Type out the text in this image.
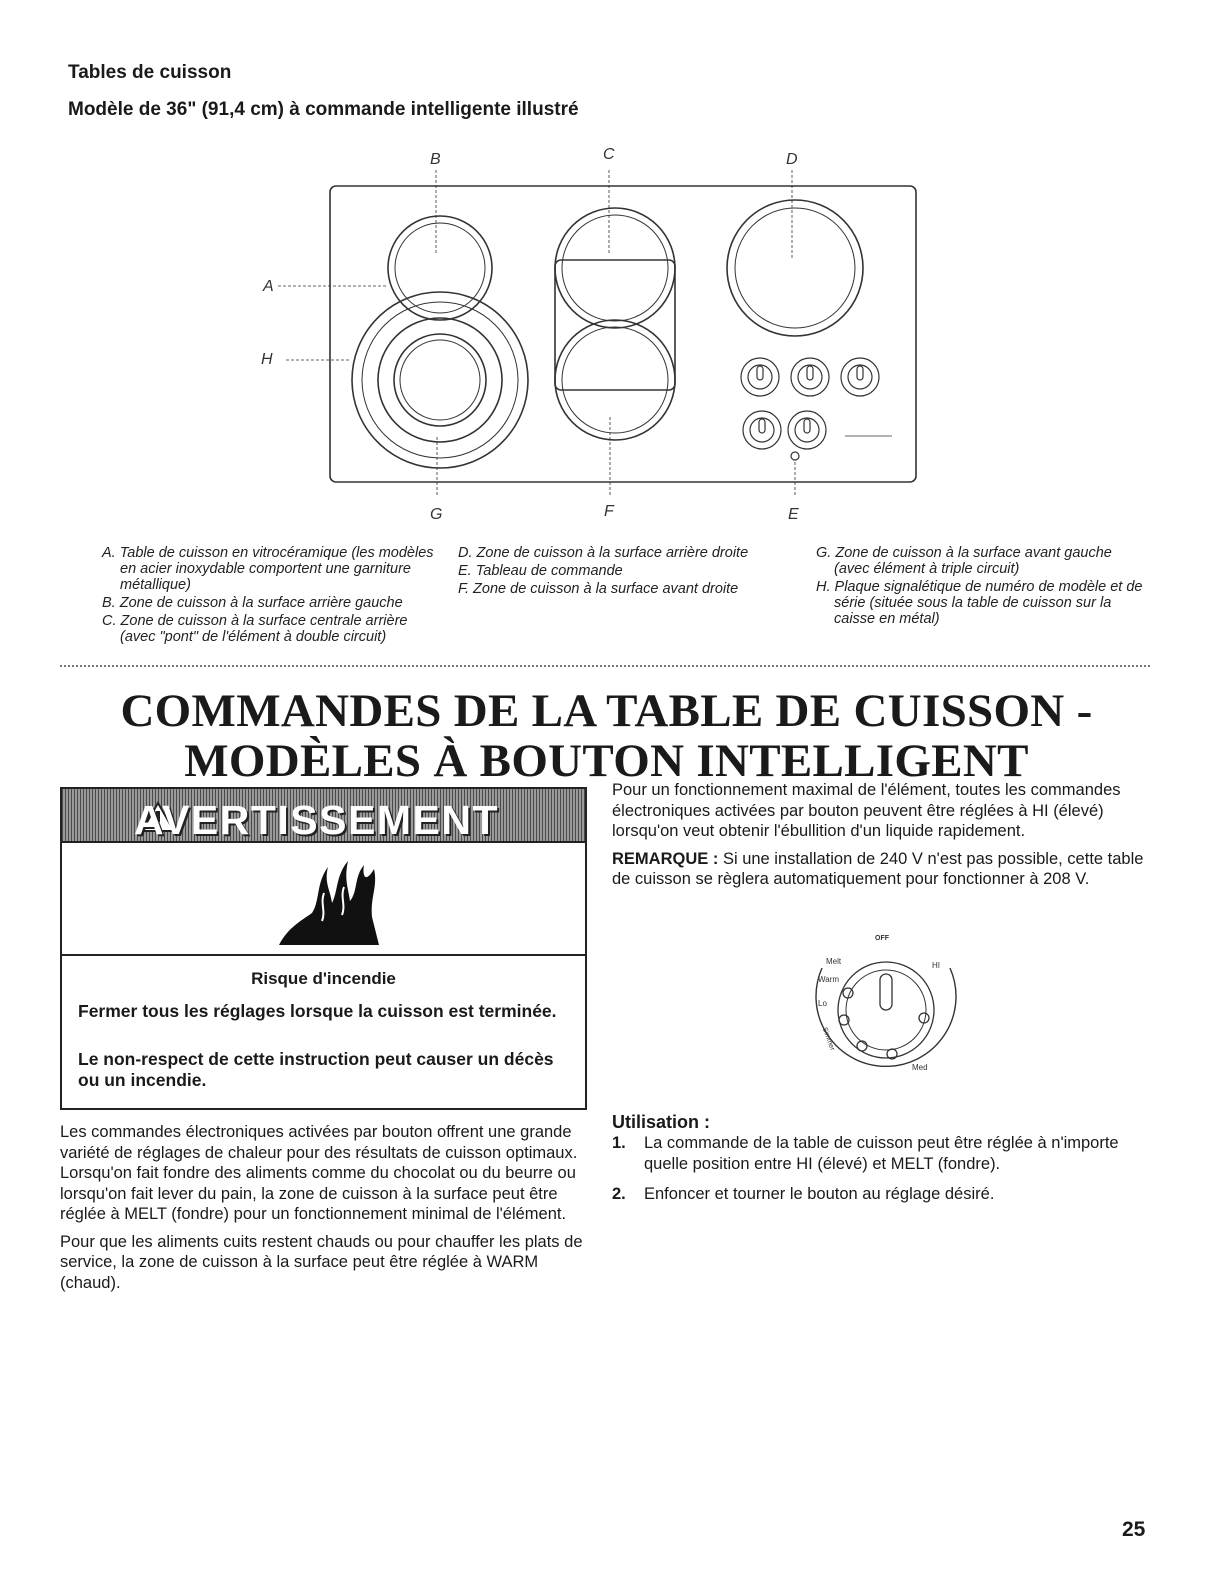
Tables de cuisson
Modèle de 36" (91,4 cm) à commande intelligente illustré
B	C	D
A
H
G	F	E
A. Table de cuisson en vitrocéramique (les modèles en acier inoxydable comportent une garniture métallique)
B. Zone de cuisson à la surface arrière gauche
C. Zone de cuisson à la surface centrale arrière (avec "pont" de l'élément à double circuit)
D. Zone de cuisson à la surface arrière droite
E. Tableau de commande
F. Zone de cuisson à la surface avant droite
G. Zone de cuisson à la surface avant gauche (avec élément à triple circuit)
H. Plaque signalétique de numéro de modèle et de série (située sous la table de cuisson sur la caisse en métal)
COMMANDES DE LA TABLE DE CUISSON - MODÈLES À BOUTON INTELLIGENT
AVERTISSEMENT
Risque d'incendie
Fermer tous les réglages lorsque la cuisson est terminée.
Le non-respect de cette instruction peut causer un décès ou un incendie.

Les commandes électroniques activées par bouton offrent une grande variété de réglages de chaleur pour des résultats de cuisson optimaux. Lorsqu'on fait fondre des aliments comme du chocolat ou du beurre ou lorsqu'on fait lever du pain, la zone de cuisson à la surface peut être réglée à MELT (fondre) pour un fonctionnement minimal de l'élément.

Pour que les aliments cuits restent chauds ou pour chauffer les plats de service, la zone de cuisson à la surface peut être réglée à WARM (chaud).

Pour un fonctionnement maximal de l'élément, toutes les commandes électroniques activées par bouton peuvent être réglées à HI (élevé) lorsqu'on veut obtenir l'ébullition d'un liquide rapidement.

REMARQUE : Si une installation de 240 V n'est pas possible, cette table de cuisson se règlera automatiquement pour fonctionner à 208 V.

OFF
Melt	HI
Warm
Lo
Simmer
Med
Utilisation :
1. La commande de la table de cuisson peut être réglée à n'importe quelle position entre HI (élevé) et MELT (fondre).
2. Enfoncer et tourner le bouton au réglage désiré.
25
